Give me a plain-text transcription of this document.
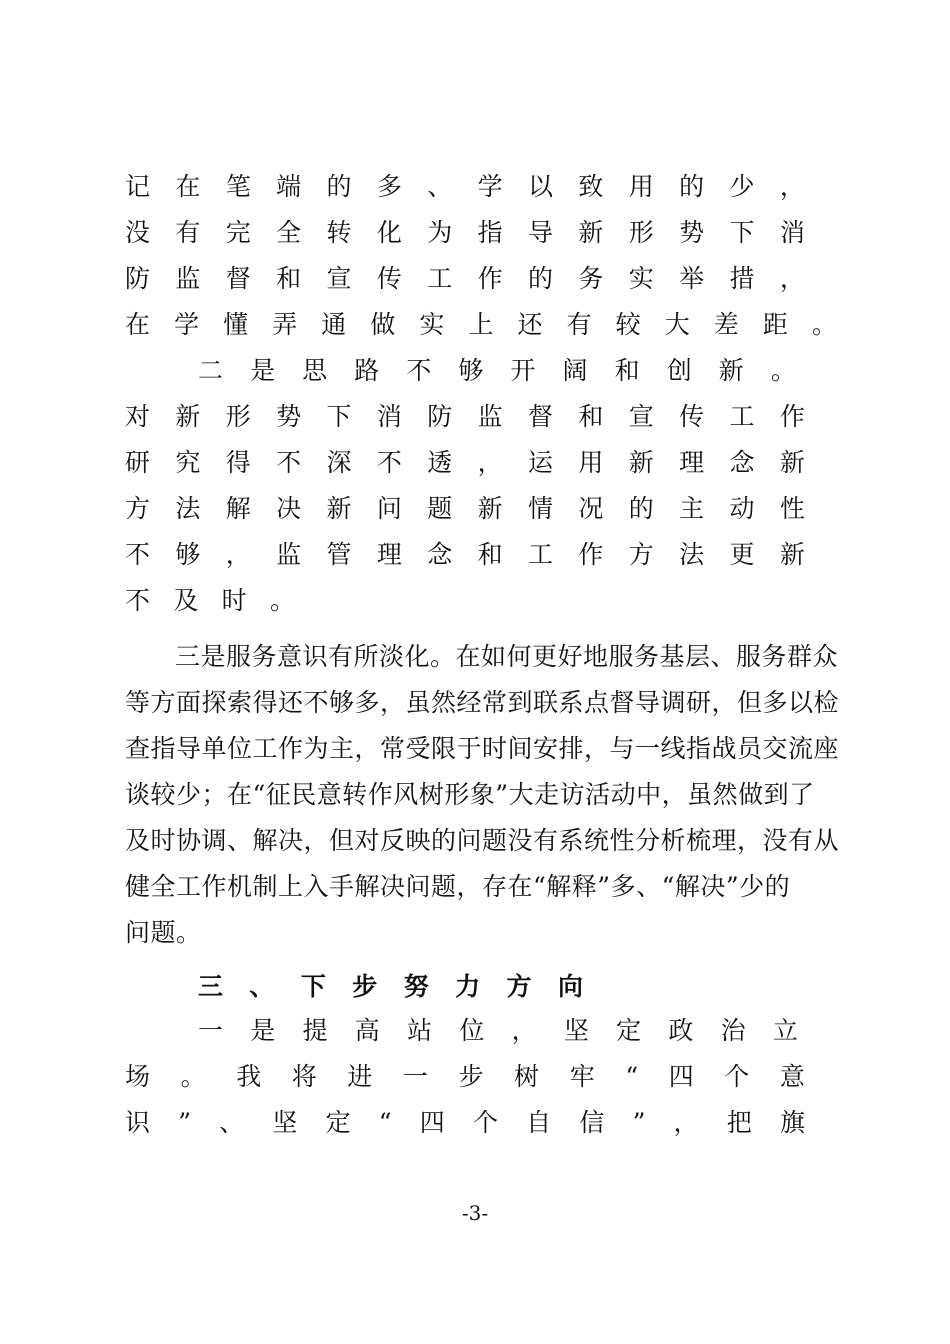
记 在 笔 端 的 多 、 学 以 致 用 的 少 ，
没 有 完 全 转 化 为 指 导 新 形 势 下 消
防 监 督 和 宣 传 工 作 的 务 实 举 措 ，
在 学 懂 弄 通 做 实 上 还 有 较 大 差 距 。
二 是 思 路 不 够 开 阔 和 创 新 。
对 新 形 势 下 消 防 监 督 和 宣 传 工 作
研 究 得 不 深 不 透 ， 运 用 新 理 念 新
方 法 解 决 新 问 题 新 情 况 的 主 动 性
不 够 ， 监 管 理 念 和 工 作 方 法 更 新
不 及 时 。
三是服务意识有所淡化。在如何更好地服务基层、服务群众
等方面探索得还不够多，虽然经常到联系点督导调研，但多以检
查指导单位工作为主，常受限于时间安排，与一线指战员交流座
谈较少；在“征民意转作风树形象”大走访活动中，虽然做到了
及时协调、解决，但对反映的问题没有系统性分析梳理，没有从
健全工作机制上入手解决问题，存在“解释”多、“解决”少的
问题。
三 、 下 步 努 力 方 向
一 是 提 高 站 位 ， 坚 定 政 治 立
场 。 我 将 进 一 步 树 牢 “ 四 个 意
识 ” 、 坚 定 “ 四 个 自 信 ” ， 把 旗
-3-
